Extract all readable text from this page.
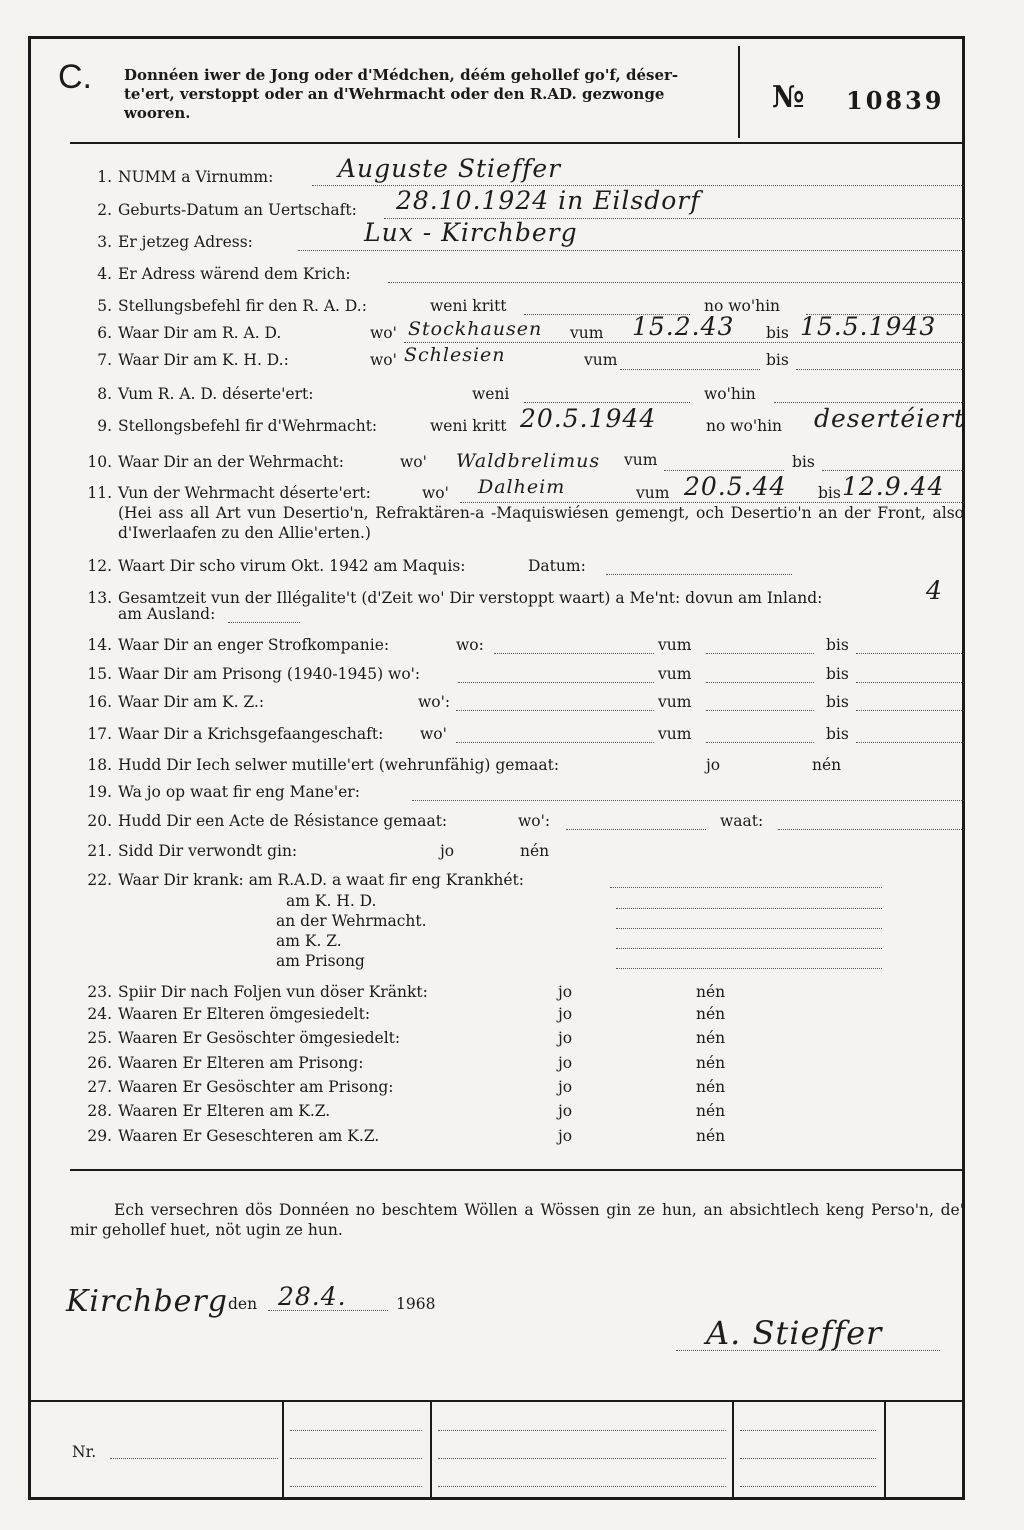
C. Donnéen iwer de Jong oder d'Médchen, déém gehollef go'f, déser-te'ert, verstoppt oder an d'Wehrmacht oder den R.AD. gezwonge wooren.	№ 10839
1. NUMM a Virnumm:	Auguste Stieffer
2. Geburts-Datum an Uertschaft: 28.10.1924 in Eilsdorf
3. Er jetzeg Adress:	Lux - Kirchberg
4. Er Adress wärend dem Krich:
5. Stellungsbefehl fir den R. A. D.:	weni kritt	no wo'hin
6. Waar Dir am R. A. D.	wo' Stockhausen vum 15.2.43 bis 15.5.1943
7. Waar Dir am K. H. D.:	wo' Schlesien	vum	bis
8. Vum R. A. D. déserte'ert:	weni	wo'hin
9. Stellongsbefehl fir d'Wehrmacht:	weni kritt 20.5.1944	no wo'hin desertéiert
10. Waar Dir an der Wehrmacht:	wo' Waldbrelimus vum	bis
11. Vun der Wehrmacht déserte'ert:	wo' Dalheim	vum 20.5.44 bis 12.9.44
(Hei ass all Art vun Desertio'n, Refraktären-a -Maquiswiésen gemengt, och Desertio'n an der Front, also d'Iwerlaafen zu den Allie'erten.)
12. Waart Dir scho virum Okt. 1942 am Maquis:	Datum:
13. Gesamtzeit vun der Illégalite't (d'Zeit wo' Dir verstoppt waart) a Me'nt: dovun am Inland:	4
am Ausland:
14. Waar Dir an enger Strofkompanie:	wo:	vum	bis
15. Waar Dir am Prisong (1940-1945) wo':	vum	bis
16. Waar Dir am K. Z.:	wo':	vum	bis
17. Waar Dir a Krichsgefaangeschaft: wo'	vum	bis
18. Hudd Dir Iech selwer mutille'ert (wehrunfähig) gemaat:	jo	nén
19. Wa jo op waat fir eng Mane'er:
20. Hudd Dir een Acte de Résistance gemaat:	wo':	waat:
21. Sidd Dir verwondt gin:	jo	nén
22. Waar Dir krank: am R.A.D. a waat fir eng Krankhét:
am K. H. D.
an der Wehrmacht.
am K. Z.
am Prisong
23. Spiir Dir nach Foljen vun döser Kränkt:	jo	nén
24. Waaren Er Elteren ömgesiedelt:	jo	nén
25. Waaren Er Gesöschter ömgesiedelt:	jo	nén
26. Waaren Er Elteren am Prisong:	jo	nén
27. Waaren Er Gesöschter am Prisong:	jo	nén
28. Waaren Er Elteren am K.Z.	jo	nén
29. Waaren Er Geseschteren am K.Z.	jo	nén
Ech versechren dös Donnéen no beschtem Wöllen a Wössen gin ze hun, an absichtlech keng Perso'n, de' mir gehollef huet, nöt ugin ze hun.
Kirchberg den 28.4.	1968
A. Stieffer
Nr.
